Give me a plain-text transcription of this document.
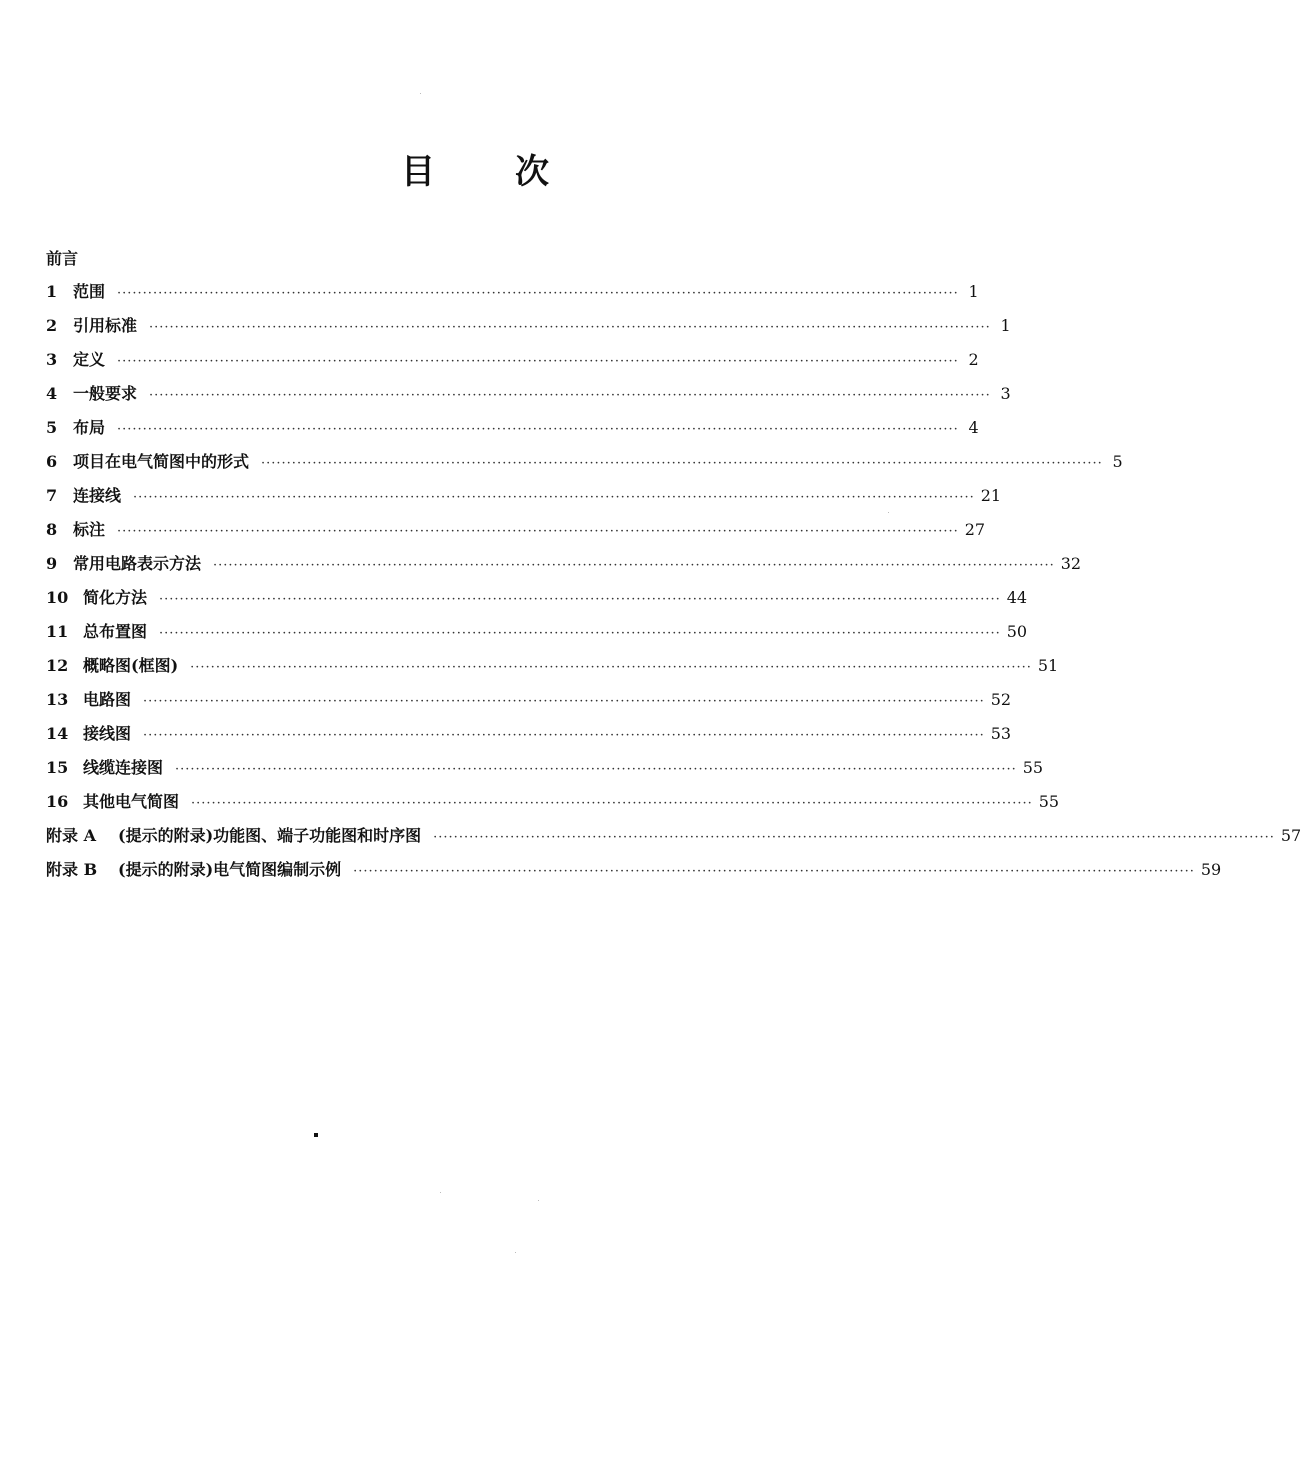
目 次
前言
1 范围 ···································································································································································· 1
2 引用标准 ···································································································································································· 1
3 定义 ···································································································································································· 2
4 一般要求 ···································································································································································· 3
5 布局 ···································································································································································· 4
6 项目在电气简图中的形式 ···································································································································································· 5
7 连接线 ···································································································································································· 21
8 标注 ···································································································································································· 27
9 常用电路表示方法 ···································································································································································· 32
10 简化方法 ···································································································································································· 44
11 总布置图 ···································································································································································· 50
12 概略图(框图) ···································································································································································· 51
13 电路图 ···································································································································································· 52
14 接线图 ···································································································································································· 53
15 线缆连接图 ···································································································································································· 55
16 其他电气简图 ···································································································································································· 55
附录 A	(提示的附录)功能图、端子功能图和时序图 ···································································································································································· 57
附录 B	(提示的附录)电气简图编制示例 ···································································································································································· 59
